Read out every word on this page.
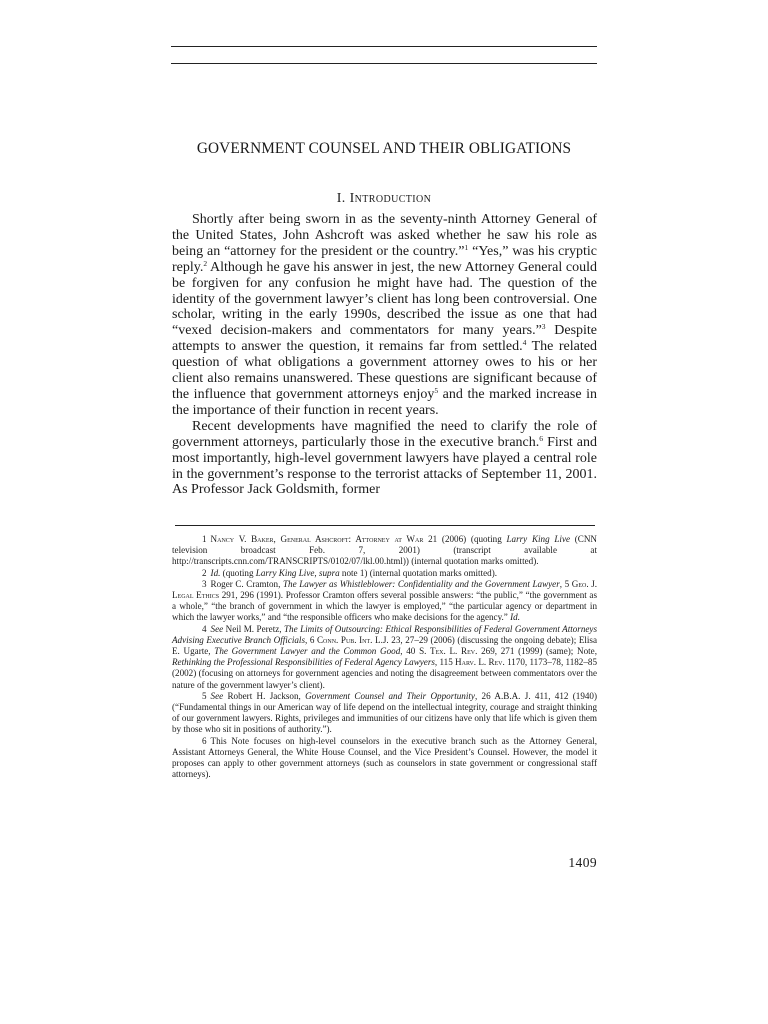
GOVERNMENT COUNSEL AND THEIR OBLIGATIONS
I. Introduction

Shortly after being sworn in as the seventy-ninth Attorney General of the United States, John Ashcroft was asked whether he saw his role as being an “attorney for the president or the country.”$^1$ “Yes,” was his cryptic reply.$^2$ Although he gave his answer in jest, the new Attorney General could be forgiven for any confusion he might have had. The question of the identity of the government lawyer’s client has long been controversial. One scholar, writing in the early 1990s, described the issue as one that had “vexed decision-makers and commentators for many years.”$^3$ Despite attempts to answer the question, it remains far from settled.$^4$ The related question of what obligations a government attorney owes to his or her client also remains unanswered. These questions are significant because of the influence that government attorneys enjoy$^5$ and the marked increase in the importance of their function in recent years.

Recent developments have magnified the need to clarify the role of government attorneys, particularly those in the executive branch.$^6$ First and most importantly, high-level government lawyers have played a central role in the government’s response to the terrorist attacks of September 11, 2001. As Professor Jack Goldsmith, former

1 Nancy V. Baker, General Ashcroft: Attorney at War 21 (2006) (quoting Larry King Live (CNN television broadcast Feb. 7, 2001) (transcript available at http://transcripts.cnn.com/TRANSCRIPTS/0102/07/lkl.00.html)) (internal quotation marks omitted).

2 Id. (quoting Larry King Live, supra note 1) (internal quotation marks omitted).

3 Roger C. Cramton, The Lawyer as Whistleblower: Confidentiality and the Government Lawyer, 5 Geo. J. Legal Ethics 291, 296 (1991). Professor Cramton offers several possible answers: “the public,” “the government as a whole,” “the branch of government in which the lawyer is employed,” “the particular agency or department in which the lawyer works,” and “the responsible officers who make decisions for the agency.” Id.

4 See Neil M. Peretz, The Limits of Outsourcing: Ethical Responsibilities of Federal Government Attorneys Advising Executive Branch Officials, 6 Conn. Pub. Int. L.J. 23, 27–29 (2006) (discussing the ongoing debate); Elisa E. Ugarte, The Government Lawyer and the Common Good, 40 S. Tex. L. Rev. 269, 271 (1999) (same); Note, Rethinking the Professional Responsibilities of Federal Agency Lawyers, 115 Harv. L. Rev. 1170, 1173–78, 1182–85 (2002) (focusing on attorneys for government agencies and noting the disagreement between commentators over the nature of the government lawyer’s client).

5 See Robert H. Jackson, Government Counsel and Their Opportunity, 26 A.B.A. J. 411, 412 (1940) (“Fundamental things in our American way of life depend on the intellectual integrity, courage and straight thinking of our government lawyers. Rights, privileges and immunities of our citizens have only that life which is given them by those who sit in positions of authority.”).

6 This Note focuses on high-level counselors in the executive branch such as the Attorney General, Assistant Attorneys General, the White House Counsel, and the Vice President’s Counsel. However, the model it proposes can apply to other government attorneys (such as counselors in state government or congressional staff attorneys).

1409
